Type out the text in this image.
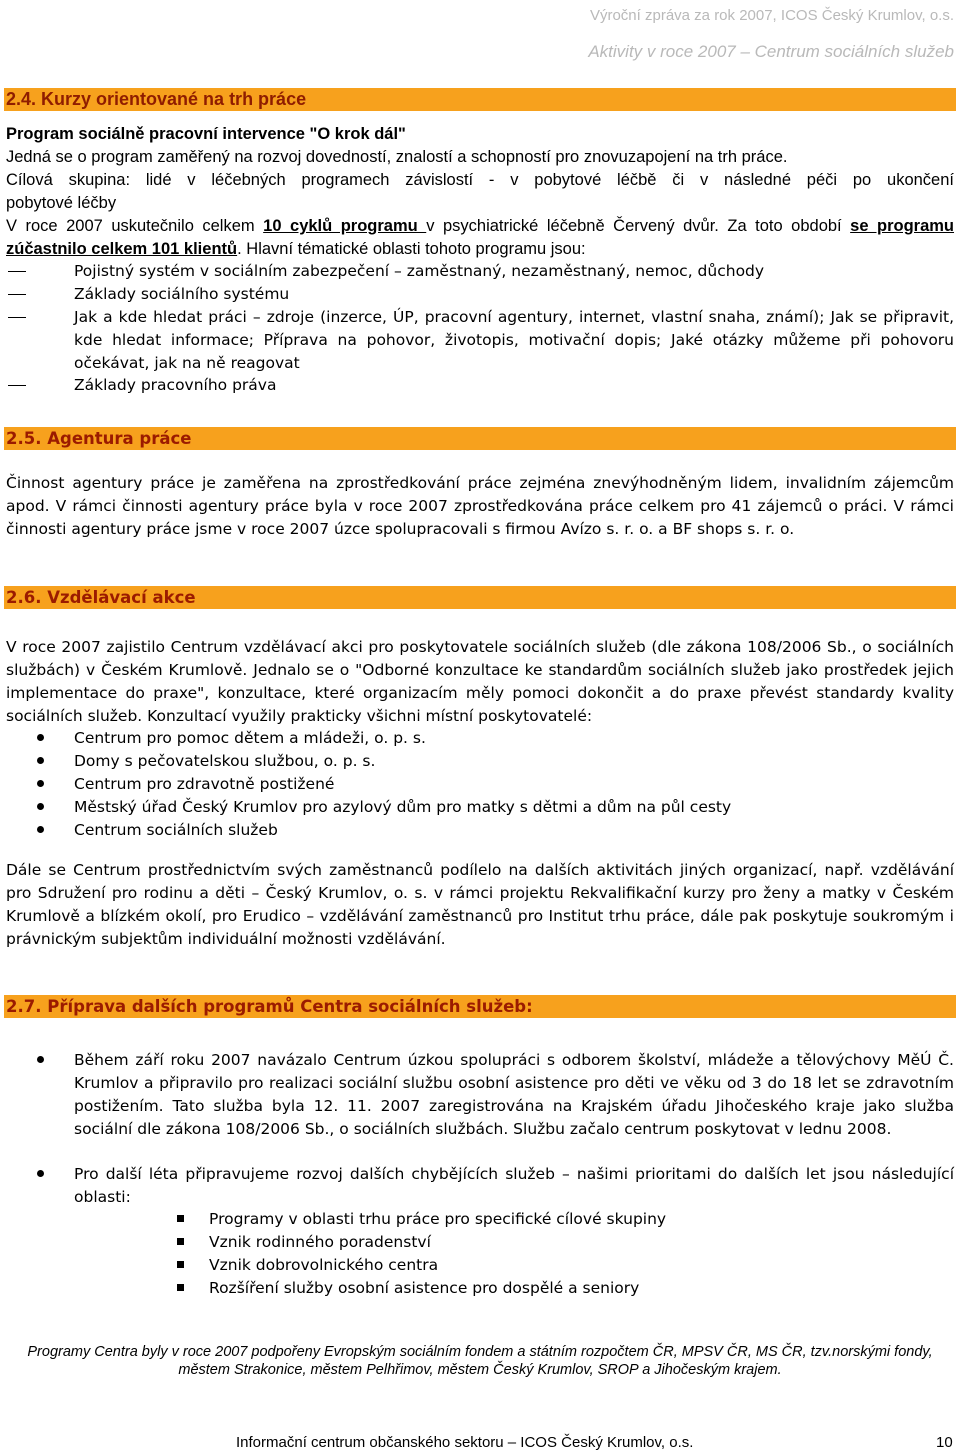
Výroční zpráva za rok 2007, ICOS Český Krumlov, o.s.
Aktivity v roce 2007 – Centrum sociálních služeb
2.4. Kurzy orientované na trh práce
Program sociálně pracovní intervence "O krok dál"
Jedná se o program zaměřený na rozvoj dovedností, znalostí a schopností pro znovuzapojení na trh práce.
Cílová skupina: lidé v léčebných programech závislostí - v pobytové léčbě či v následné péči po ukončení
pobytové léčby
V roce 2007 uskutečnilo celkem 10 cyklů programu v psychiatrické léčebně Červený dvůr. Za toto období se programu zúčastnilo celkem 101 klientů. Hlavní tématické oblasti tohoto programu jsou:
Pojistný systém v sociálním zabezpečení – zaměstnaný, nezaměstnaný, nemoc, důchody
Základy sociálního systému
Jak a kde hledat práci – zdroje (inzerce, ÚP, pracovní agentury, internet, vlastní snaha, známí); Jak se připravit, kde hledat informace; Příprava na pohovor, životopis, motivační dopis; Jaké otázky můžeme při pohovoru očekávat, jak na ně reagovat
Základy pracovního práva
2.5. Agentura práce
Činnost agentury práce je zaměřena na zprostředkování práce zejména znevýhodněným lidem, invalidním zájemcům apod. V rámci činnosti agentury práce byla v roce 2007 zprostředkována práce celkem pro 41 zájemců o práci. V rámci činnosti agentury práce jsme v roce 2007 úzce spolupracovali s firmou Avízo s. r. o. a BF shops s. r. o.
2.6. Vzdělávací akce
V roce 2007 zajistilo Centrum vzdělávací akci pro poskytovatele sociálních služeb (dle zákona 108/2006 Sb., o sociálních službách) v Českém Krumlově. Jednalo se o "Odborné konzultace ke standardům sociálních služeb jako prostředek jejich implementace do praxe", konzultace, které organizacím měly pomoci dokončit a do praxe převést standardy kvality sociálních služeb. Konzultací využily prakticky všichni místní poskytovatelé:
Centrum pro pomoc dětem a mládeži, o. p. s.
Domy s pečovatelskou službou, o. p. s.
Centrum pro zdravotně postižené
Městský úřad Český Krumlov pro azylový dům pro matky s dětmi a dům na půl cesty
Centrum sociálních služeb
Dále se Centrum prostřednictvím svých zaměstnanců podílelo na dalších aktivitách jiných organizací, např. vzdělávání pro Sdružení pro rodinu a děti – Český Krumlov, o. s. v rámci projektu Rekvalifikační kurzy pro ženy a matky v Českém Krumlově a blízkém okolí, pro Erudico – vzdělávání zaměstnanců pro Institut trhu práce, dále pak poskytuje soukromým i právnickým subjektům individuální možnosti vzdělávání.
2.7. Příprava dalších programů Centra sociálních služeb:
Během září roku 2007 navázalo Centrum úzkou spolupráci s odborem školství, mládeže a tělovýchovy MěÚ Č. Krumlov a připravilo pro realizaci sociální službu osobní asistence pro děti ve věku od 3 do 18 let se zdravotním postižením. Tato služba byla 12. 11. 2007 zaregistrována na Krajském úřadu Jihočeského kraje jako služba sociální dle zákona 108/2006 Sb., o sociálních službách. Službu začalo centrum poskytovat v lednu 2008.
Pro další léta připravujeme rozvoj dalších chybějících služeb – našimi prioritami do dalších let jsou následující oblasti:
Programy v oblasti trhu práce pro specifické cílové skupiny
Vznik rodinného poradenství
Vznik dobrovolnického centra
Rozšíření služby osobní asistence pro dospělé a seniory
Programy Centra byly v roce 2007 podpořeny Evropským sociálním fondem a státním rozpočtem ČR, MPSV ČR, MS ČR, tzv.norskými fondy,
městem Strakonice, městem Pelhřimov, městem Český Krumlov, SROP a Jihočeským krajem.
Informační centrum občanského sektoru – ICOS Český Krumlov, o.s.	10
